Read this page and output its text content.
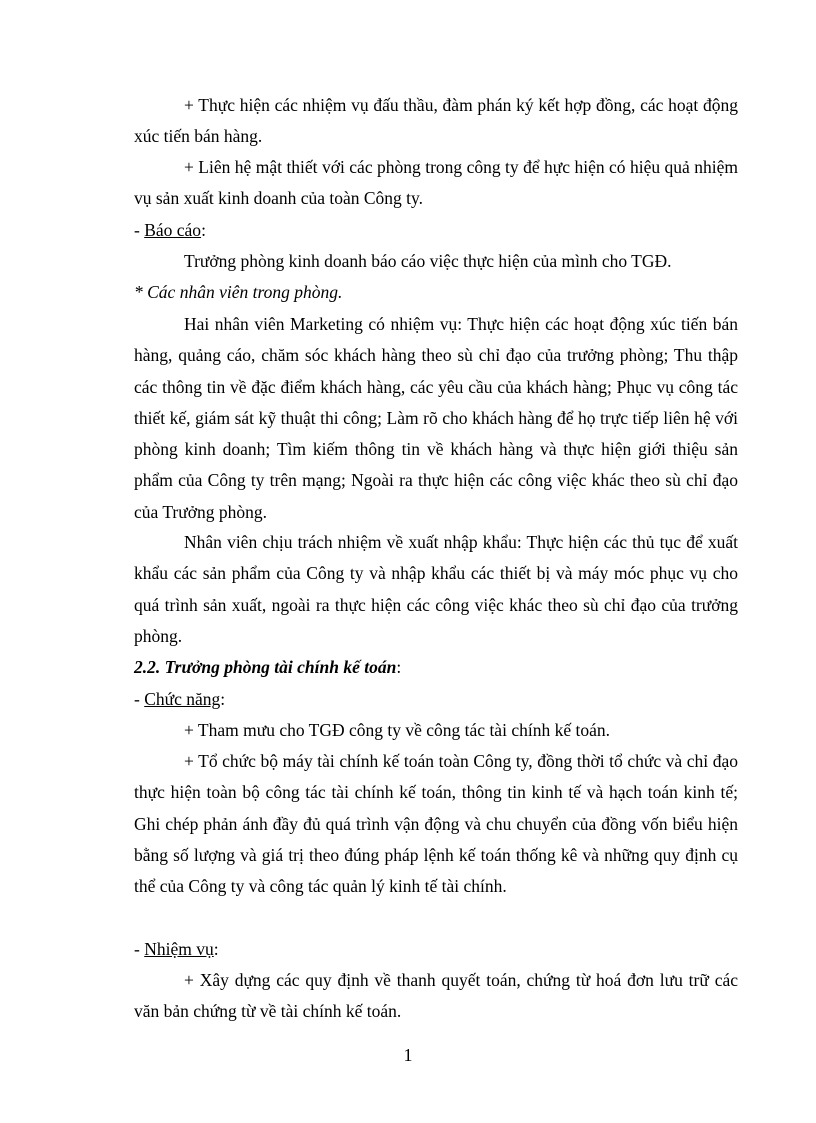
+ Thực hiện các nhiệm vụ đấu thầu, đàm phán ký kết hợp đồng, các hoạt động xúc tiến bán hàng.

+ Liên hệ mật thiết với các phòng trong công ty để hực hiện có hiệu quả nhiệm vụ sản xuất kinh doanh của toàn Công ty.

- Báo cáo:

Trưởng phòng kinh doanh báo cáo việc thực hiện của mình cho TGĐ.

* Các nhân viên trong phòng.

Hai nhân viên Marketing có nhiệm vụ: Thực hiện các hoạt động xúc tiến bán hàng, quảng cáo, chăm sóc khách hàng theo sù chỉ đạo của trưởng phòng; Thu thập các thông tin về đặc điểm khách hàng, các yêu cầu của khách hàng; Phục vụ công tác thiết kế, giám sát kỹ thuật thi công; Làm rõ cho khách hàng để họ trực tiếp liên hệ với phòng kinh doanh; Tìm kiếm thông tin về khách hàng và thực hiện giới thiệu sản phẩm của Công ty trên mạng; Ngoài ra thực hiện các công việc khác theo sù chỉ đạo của Trưởng phòng.

Nhân viên chịu trách nhiệm về xuất nhập khẩu: Thực hiện các thủ tục để xuất khẩu các sản phẩm của Công ty và nhập khẩu các thiết bị và máy móc phục vụ cho quá trình sản xuất, ngoài ra thực hiện các công việc khác theo sù chỉ đạo của trưởng phòng.

2.2. Trưởng phòng tài chính kế toán:

- Chức năng:

+ Tham mưu cho TGĐ công ty về công tác tài chính kế toán.

+ Tổ chức bộ máy tài chính kế toán toàn Công ty, đồng thời tổ chức và chỉ đạo thực hiện toàn bộ công tác tài chính kế toán, thông tin kinh tế và hạch toán kinh tế; Ghi chép phản ánh đầy đủ quá trình vận động và chu chuyển của đồng vốn biểu hiện bằng số lượng và giá trị theo đúng pháp lệnh kế toán thống kê và những quy định cụ thể của Công ty và công tác quản lý kinh tế tài chính.

- Nhiệm vụ:

+ Xây dựng các quy định về thanh quyết toán, chứng từ hoá đơn lưu trữ các văn bản chứng từ về tài chính kế toán.

1
